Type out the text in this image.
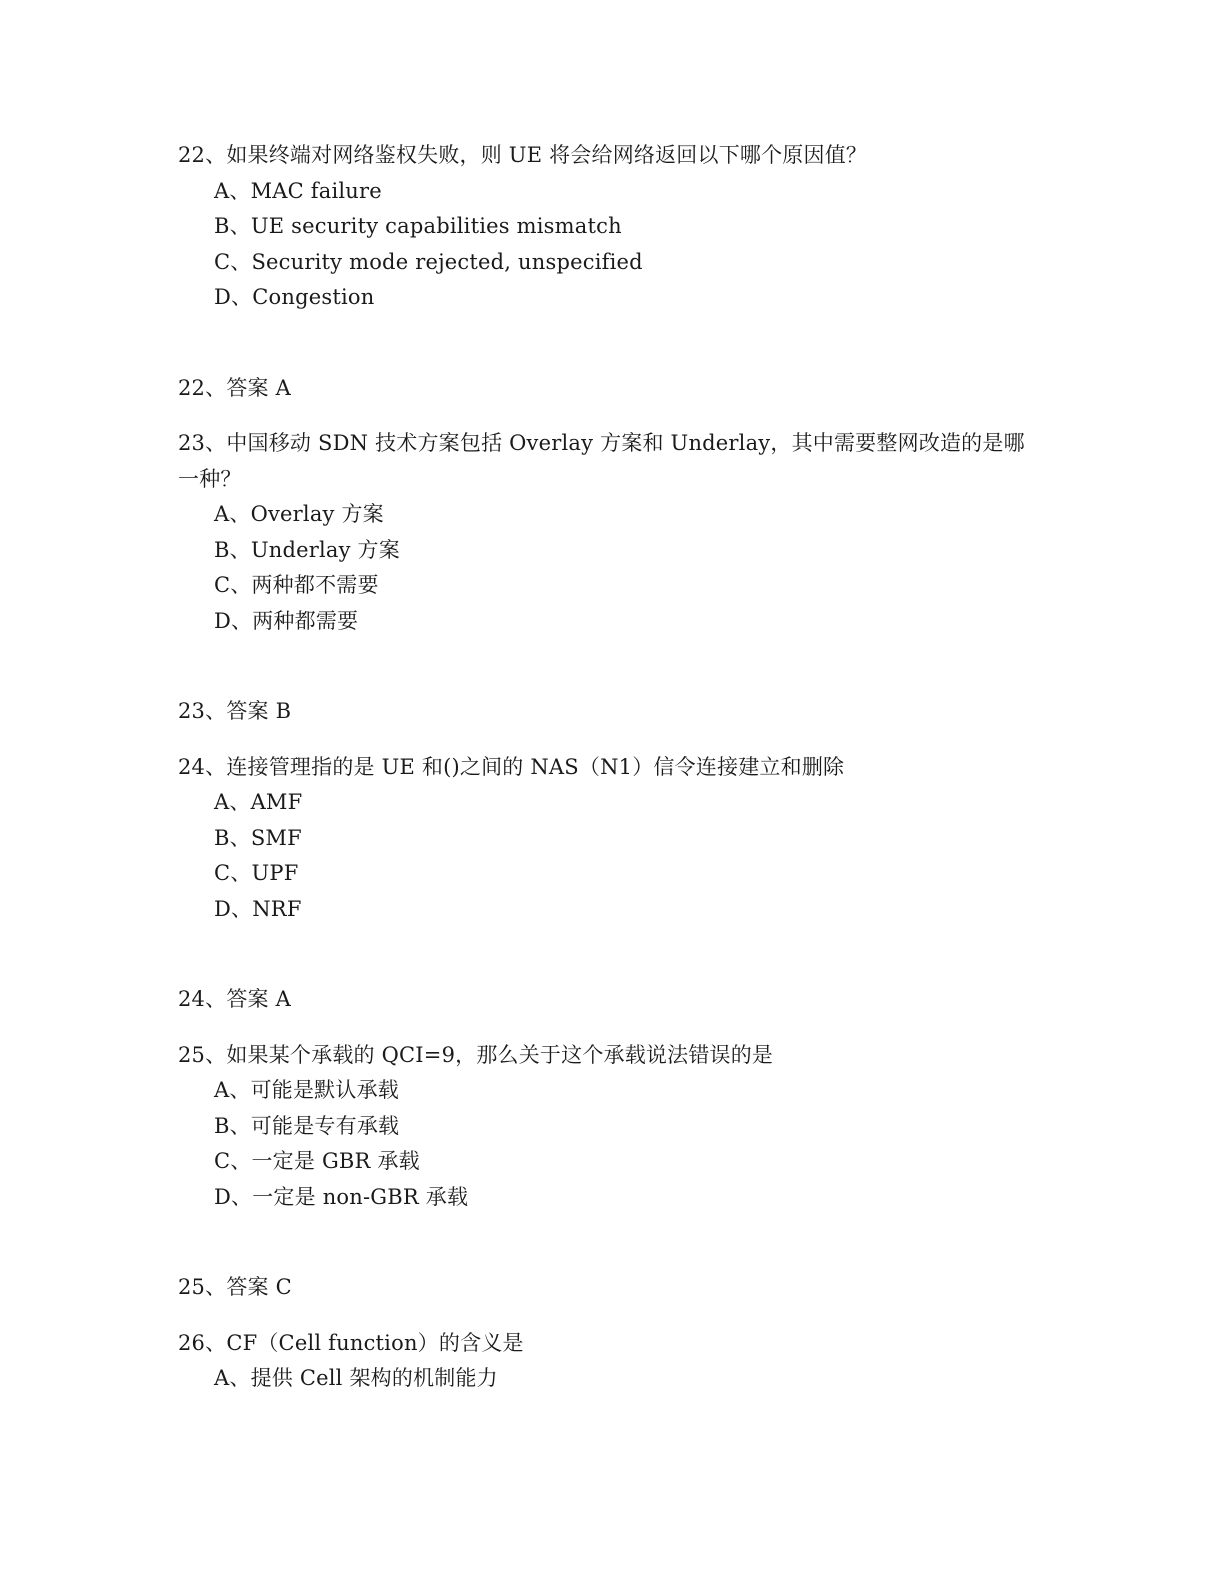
22、如果终端对网络鉴权失败，则 UE 将会给网络返回以下哪个原因值？
A、MAC failure
B、UE security capabilities mismatch
C、Security mode rejected, unspecified
D、Congestion
22、答案 A
23、中国移动 SDN 技术方案包括 Overlay 方案和 Underlay，其中需要整网改造的是哪一种？
A、Overlay 方案
B、Underlay 方案
C、两种都不需要
D、两种都需要
23、答案 B
24、连接管理指的是 UE 和()之间的 NAS（N1）信令连接建立和删除
A、AMF
B、SMF
C、UPF
D、NRF
24、答案 A
25、如果某个承载的 QCI=9，那么关于这个承载说法错误的是
A、可能是默认承载
B、可能是专有承载
C、一定是 GBR 承载
D、一定是 non-GBR 承载
25、答案 C
26、CF（Cell function）的含义是
A、提供 Cell 架构的机制能力
